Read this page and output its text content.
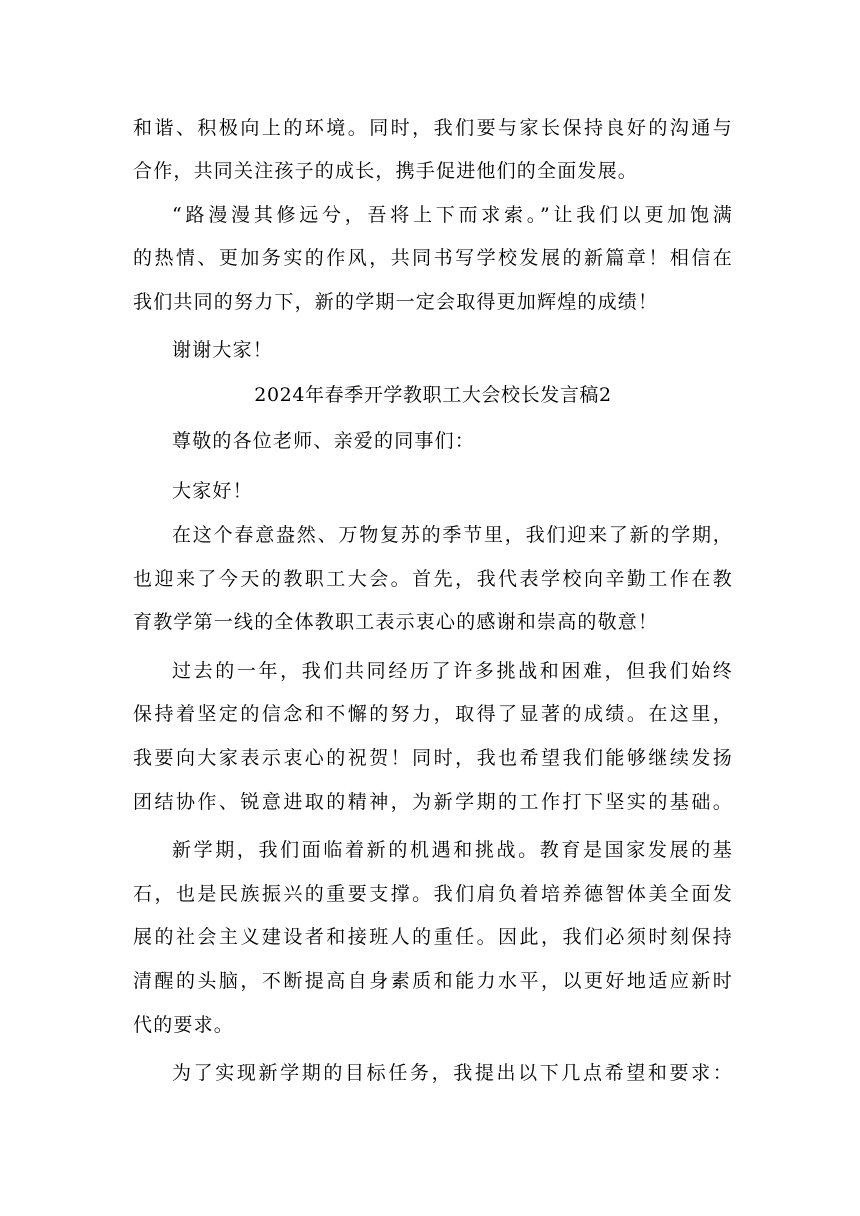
和谐、积极向上的环境。同时，我们要与家长保持良好的沟通与
合作，共同关注孩子的成长，携手促进他们的全面发展。
“路漫漫其修远兮，吾将上下而求索。”让我们以更加饱满
的热情、更加务实的作风，共同书写学校发展的新篇章！相信在
我们共同的努力下，新的学期一定会取得更加辉煌的成绩！
谢谢大家！
2024年春季开学教职工大会校长发言稿2
尊敬的各位老师、亲爱的同事们：
大家好！
在这个春意盎然、万物复苏的季节里，我们迎来了新的学期，
也迎来了今天的教职工大会。首先，我代表学校向辛勤工作在教
育教学第一线的全体教职工表示衷心的感谢和崇高的敬意！
过去的一年，我们共同经历了许多挑战和困难，但我们始终
保持着坚定的信念和不懈的努力，取得了显著的成绩。在这里，
我要向大家表示衷心的祝贺！同时，我也希望我们能够继续发扬
团结协作、锐意进取的精神，为新学期的工作打下坚实的基础。
新学期，我们面临着新的机遇和挑战。教育是国家发展的基
石，也是民族振兴的重要支撑。我们肩负着培养德智体美全面发
展的社会主义建设者和接班人的重任。因此，我们必须时刻保持
清醒的头脑，不断提高自身素质和能力水平，以更好地适应新时
代的要求。
为了实现新学期的目标任务，我提出以下几点希望和要求：
